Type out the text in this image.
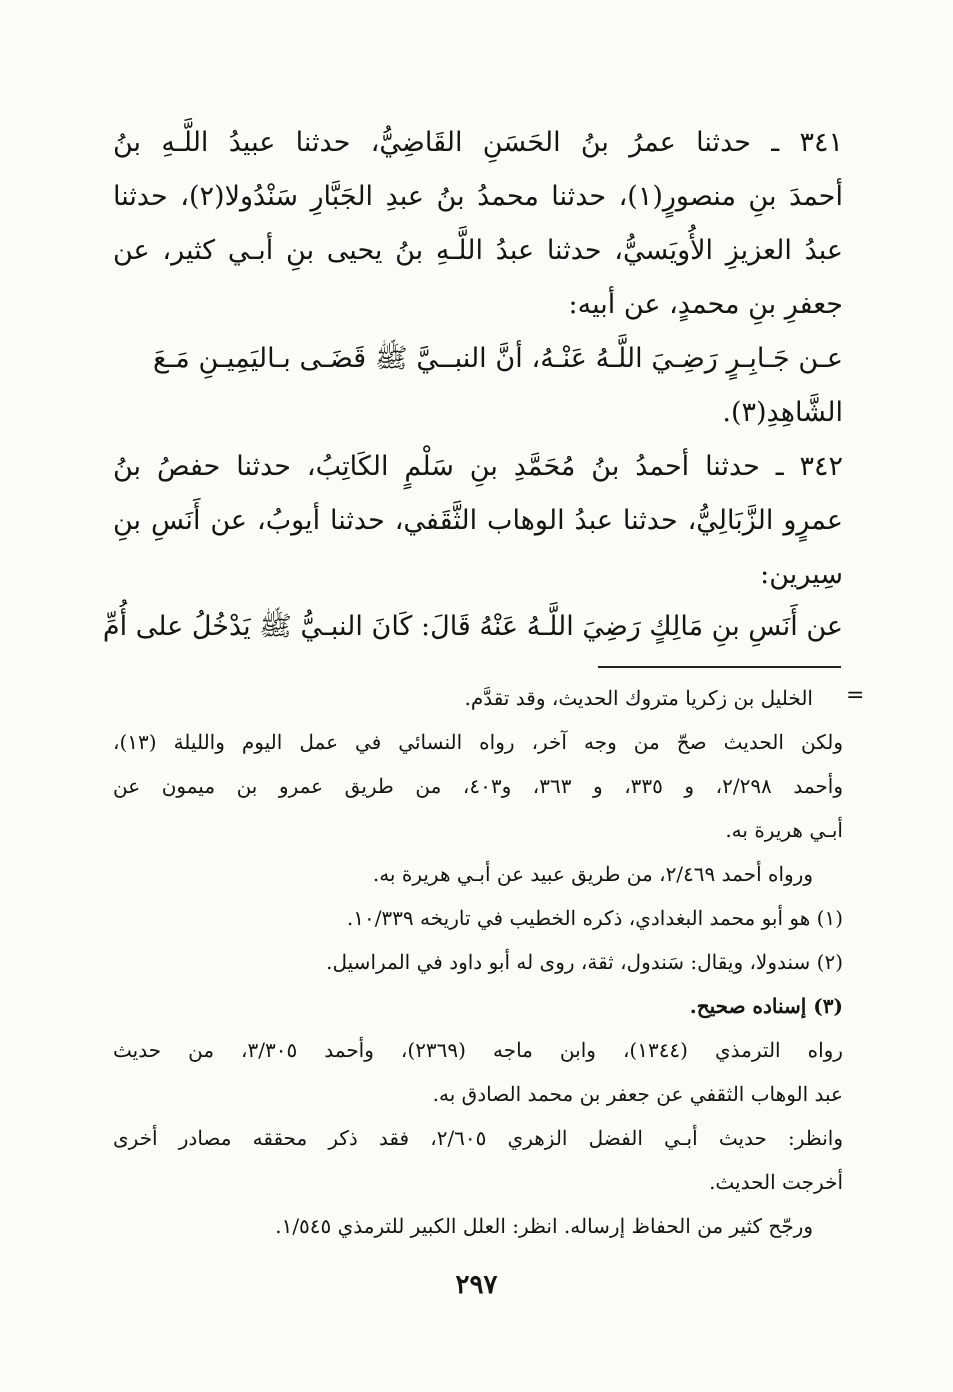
٣٤١ ـ حدثنا عمرُ بنُ الحَسَنِ القَاضِيُّ، حدثنا عبيدُ اللَّـهِ بنُ
أحمدَ بنِ منصورٍ(١)، حدثنا محمدُ بنُ عبدِ الجَبَّارِ سَنْدُولا(٢)، حدثنا
عبدُ العزيزِ الأُويَسيُّ، حدثنا عبدُ اللَّـهِ بنُ يحيى بنِ أبـي كثير، عن
جعفرِ بنِ محمدٍ، عن أبيه:
عـن جَـابِـرٍ رَضِـيَ اللَّـهُ عَنْـهُ، أنَّ النبــيَّ ﷺ قَضَـى بـاليَمِيـنِ مَـعَ
الشَّاهِدِ(٣).
٣٤٢ ـ حدثنا أحمدُ بنُ مُحَمَّدِ بنِ سَلْمٍ الكَاتِبُ، حدثنا حفصُ بنُ
عمرٍو الزَّبَالِيُّ، حدثنا عبدُ الوهاب الثَّقَفي، حدثنا أيوبُ، عن أَنَسِ بنِ
سِيرين:
عن أَنَسِ بنِ مَالِكٍ رَضِيَ اللَّـهُ عَنْهُ قَالَ: كَانَ النبـيُّ ﷺ يَدْخُلُ على أُمِّ
=
الخليل بن زكريا متروك الحديث، وقد تقدَّم.
ولكن الحديث صحّ من وجه آخر، رواه النسائي في عمل اليوم والليلة (١٣)،
وأحمد ٢/٢٩٨، و ٣٣٥، و ٣٦٣، و٤٠٣، من طريق عمرو بن ميمون عن
أبـي هريرة به.
ورواه أحمد ٢/٤٦٩، من طريق عبيد عن أبـي هريرة به.
(١) هو أبو محمد البغدادي، ذكره الخطيب في تاريخه ١٠/٣٣٩.
(٢) سندولا، ويقال: سَندول، ثقة، روى له أبو داود في المراسيل.
(٣) إسناده صحيح.
رواه الترمذي (١٣٤٤)، وابن ماجه (٢٣٦٩)، وأحمد ٣/٣٠٥، من حديث
عبد الوهاب الثقفي عن جعفر بن محمد الصادق به.
وانظر: حديث أبـي الفضل الزهري ٢/٦٠٥، فقد ذكر محققه مصادر أخرى
أخرجت الحديث.
ورجّح كثير من الحفاظ إرساله. انظر: العلل الكبير للترمذي ١/٥٤٥.
٢٩٧
